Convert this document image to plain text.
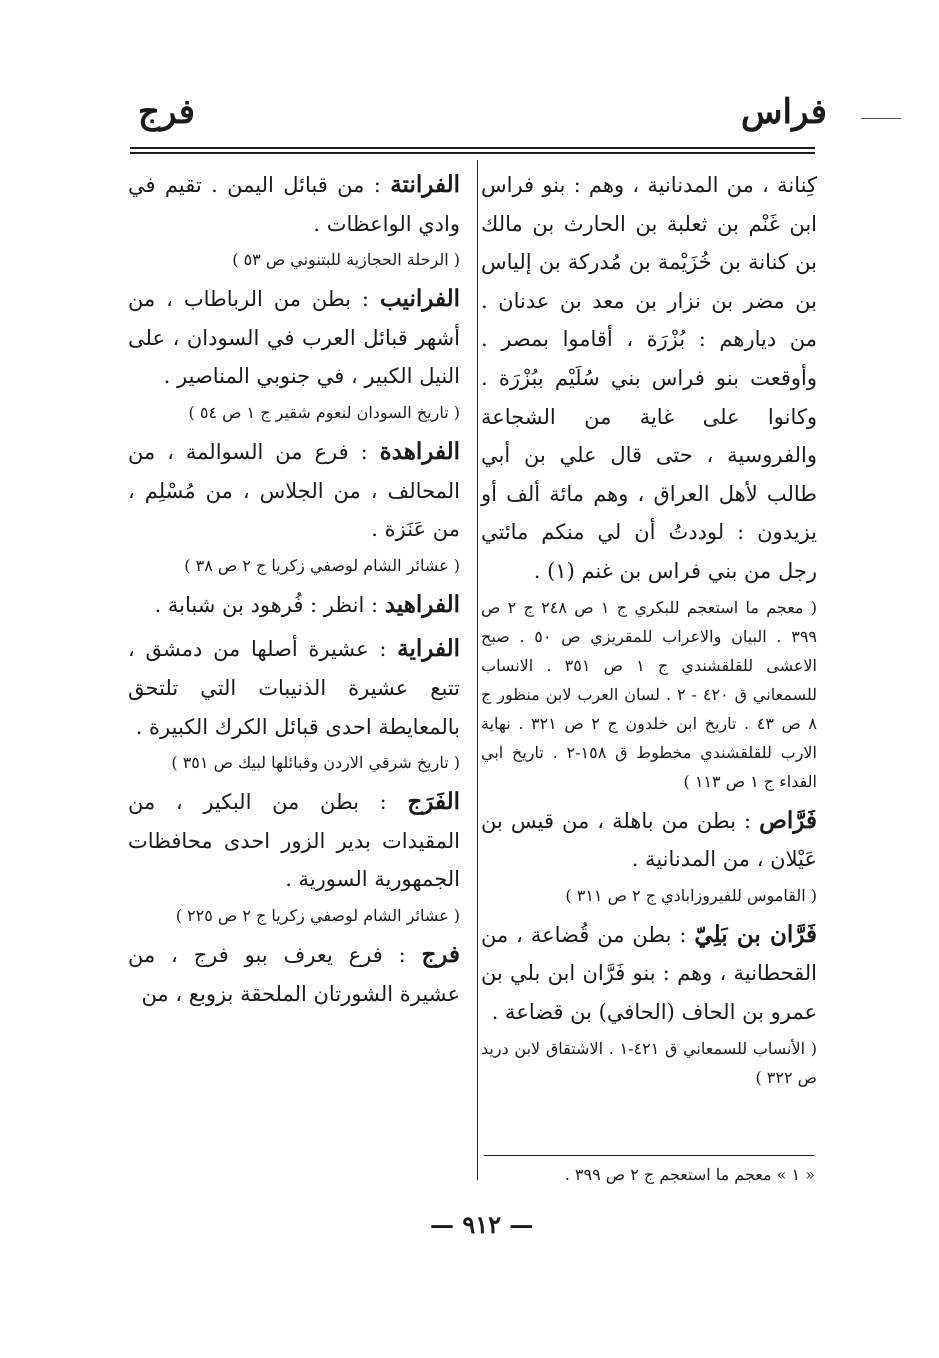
فراس
فرج

كِنانة ، من المدنانية ، وهم : بنو فراس ابن غَنْم بن ثعلبة بن الحارث بن مالك بن كنانة بن خُزَيْمة بن مُدركة بن إلياس بن مضر بن نزار بن معد بن عدنان . من ديارهم : بُزْرَة ، أقاموا بمصر . وأوقعت بنو فراس بني سُلَيْم ببُزْرَة . وكانوا على غاية من الشجاعة والفروسية ، حتى قال علي بن أبي طالب لأهل العراق ، وهم مائة ألف أو يزيدون : لوددتُ أن لي منكم مائتي رجل من بني فراس بن غنم (١) .

( معجم ما استعجم للبكري ج ١ ص ٢٤٨ ج ٢ ص ٣٩٩ . البيان والاعراب للمقريزي ص ٥٠ . صبح الاعشى للقلقشندي ج ١ ص ٣٥١ . الانساب للسمعاني ق ٤٢٠ - ٢ . لسان العرب لابن منظور ج ٨ ص ٤٣ . تاريخ ابن خلدون ج ٢ ص ٣٢١ . نهاية الارب للقلقشندي مخطوط ق ١٥٨-٢ . تاريخ ابي الفداء ج ١ ص ١١٣ )

فَرَّاص : بطن من باهلة ، من قيس بن عَيْلان ، من المدنانية .

( القاموس للفيروزابادي ج ٢ ص ٣١١ )

فَرَّان بن بَلِيّ : بطن من قُضاعة ، من القحطانية ، وهم : بنو فَرَّان ابن بلي بن عمرو بن الحاف (الحافي) بن قضاعة .

( الأنساب للسمعاني ق ٤٢١-١ . الاشتقاق لابن دريد ص ٣٢٢ )

« ١ » معجم ما استعجم ج ٢ ص ٣٩٩ .

الفرانتة : من قبائل اليمن . تقيم في وادي الواعظات .

( الرحلة الحجازية للبتنوني ص ٥٣ )

الفرانيب : بطن من الرباطاب ، من أشهر قبائل العرب في السودان ، على النيل الكبير ، في جنوبي المناصير .

( تاريخ السودان لنعوم شقير ج ١ ص ٥٤ )

الفراهدة : فرع من السوالمة ، من المحالف ، من الجلاس ، من مُسْلِم ، من عَنَزة .

( عشائر الشام لوصفي زكريا ج ٢ ص ٣٨ )

الفراهيد : انظر : فُرهود بن شبابة .

الفراية : عشيرة أصلها من دمشق ، تتبع عشيرة الذنيبات التي تلتحق بالمعايطة احدى قبائل الكرك الكبيرة .

( تاريخ شرقي الاردن وقبائلها لبيك ص ٣٥١ )

الفَرَج : بطن من البكير ، من المقيدات بدير الزور احدى محافظات الجمهورية السورية .

( عشائر الشام لوصفي زكريا ج ٢ ص ٢٢٥ )

فرج : فرع يعرف ببو فرج ، من عشيرة الشورتان الملحقة بزوبع ، من

— ٩١٢ —
